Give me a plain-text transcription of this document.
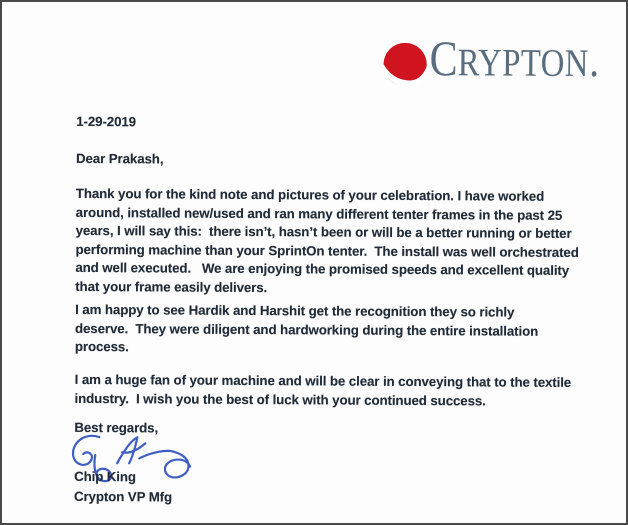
CRYPTON.
1-29-2019
Dear Prakash,
Thank you for the kind note and pictures of your celebration. I have worked
around, installed new/used and ran many different tenter frames in the past 25
years, I will say this:  there isn’t, hasn’t been or will be a better running or better
performing machine than your SprintOn tenter.  The install was well orchestrated
and well executed.   We are enjoying the promised speeds and excellent quality
that your frame easily delivers.
I am happy to see Hardik and Harshit get the recognition they so richly
deserve.  They were diligent and hardworking during the entire installation
process.
I am a huge fan of your machine and will be clear in conveying that to the textile
industry.  I wish you the best of luck with your continued success.
Best regards,
Chip King
Crypton VP Mfg
